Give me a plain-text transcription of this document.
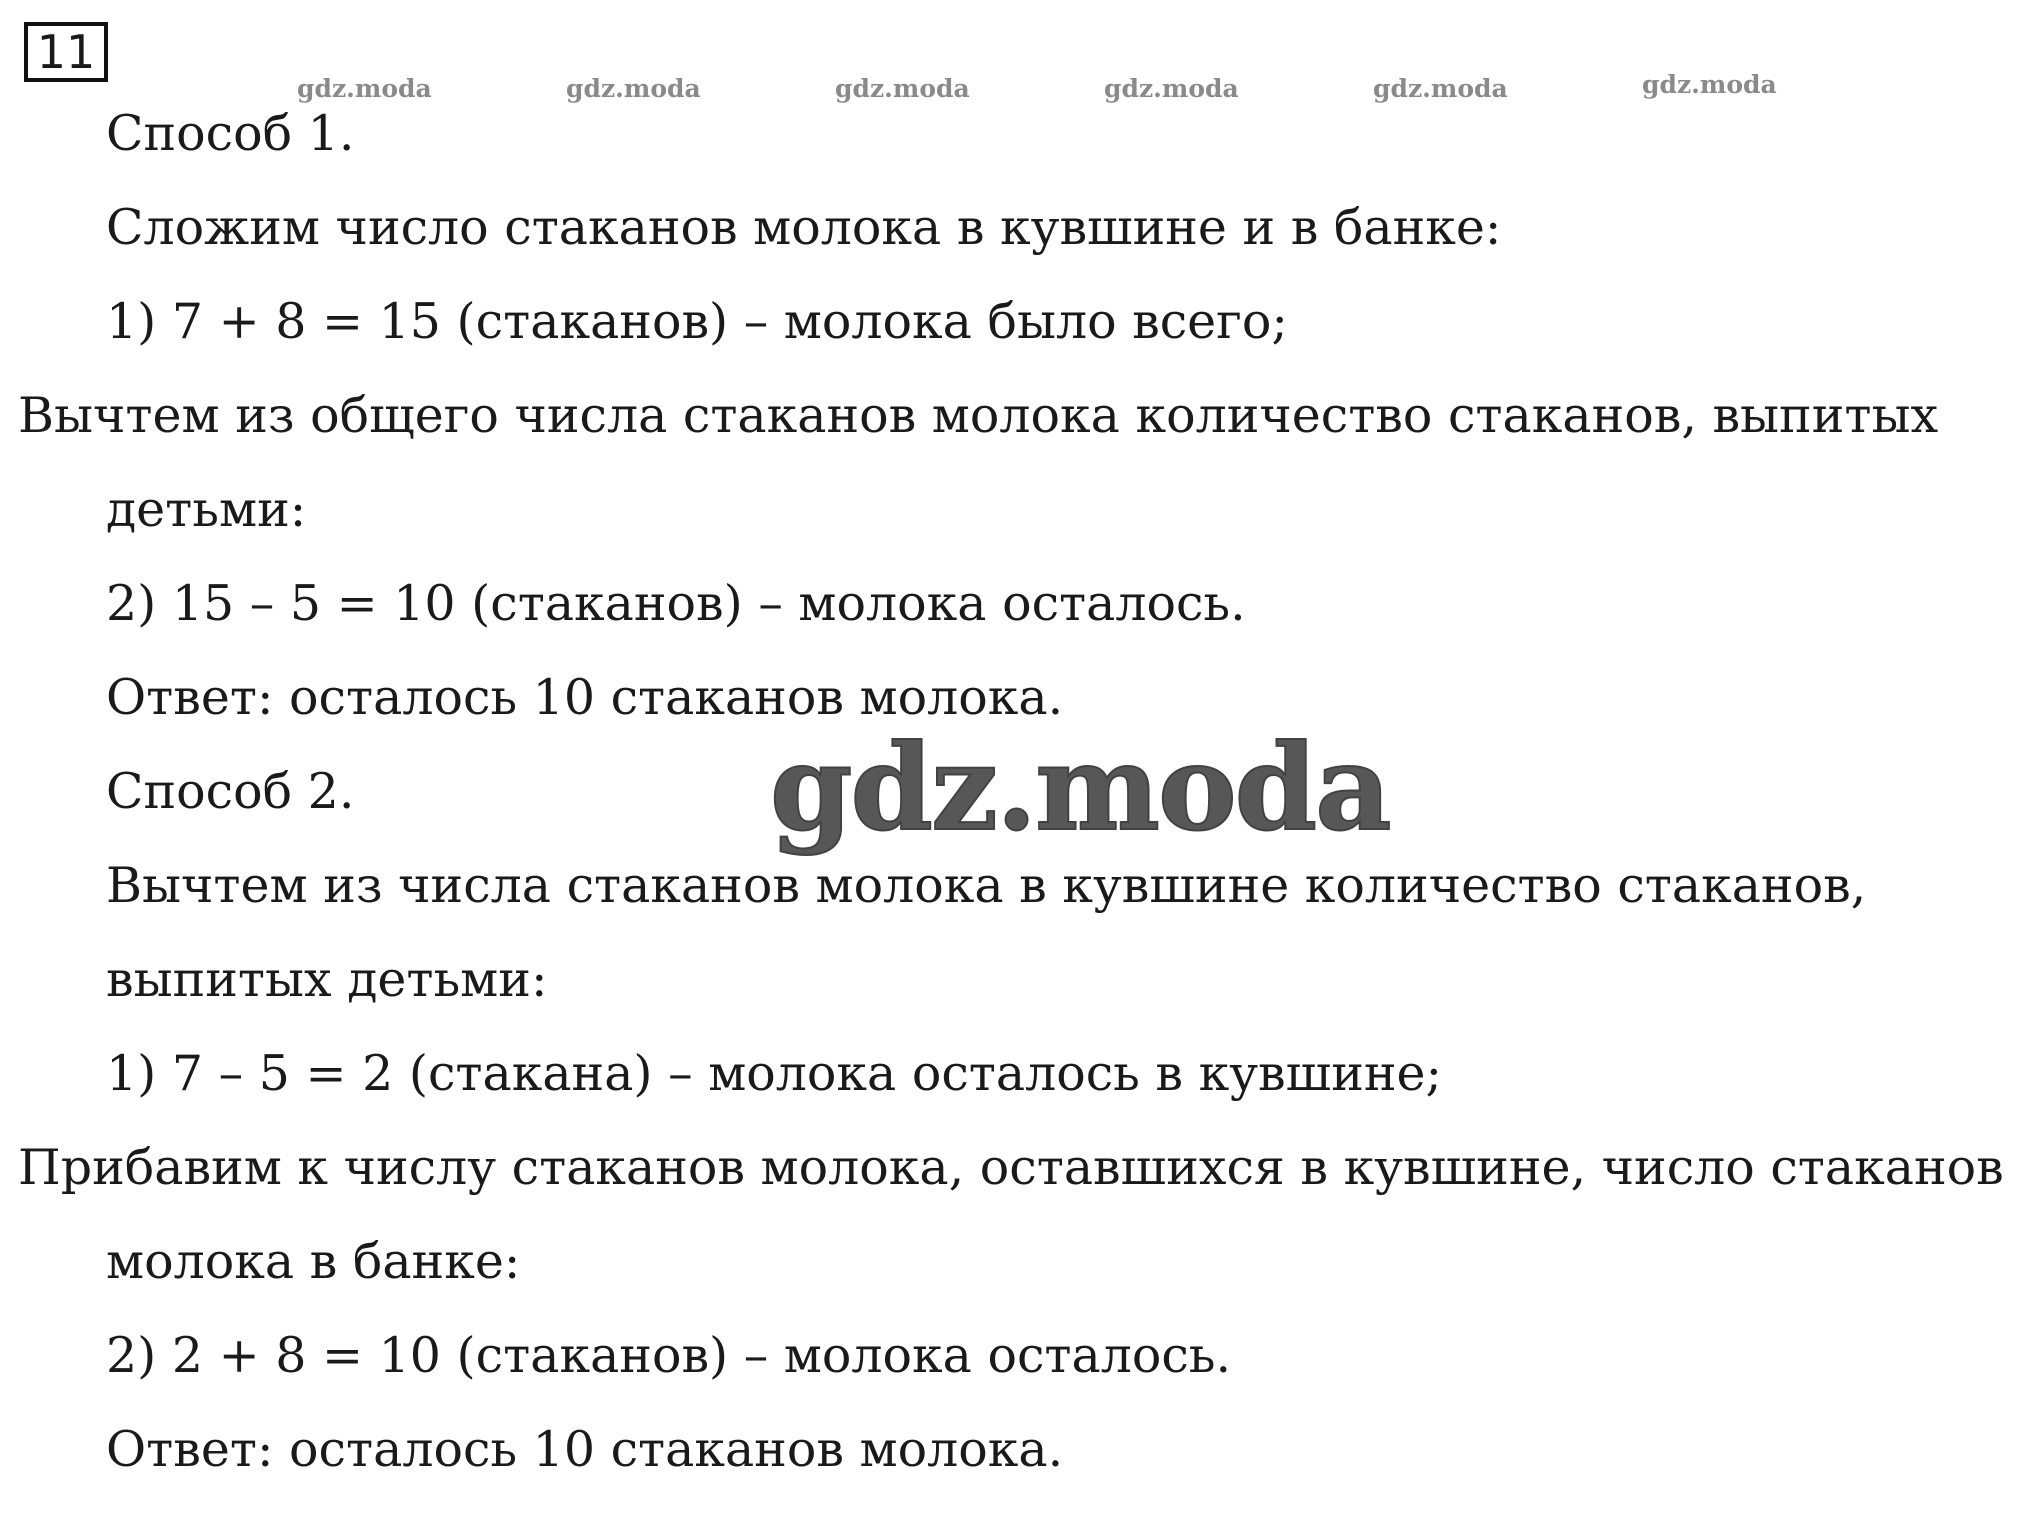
11
gdz.moda	gdz.moda	gdz.moda	gdz.moda	gdz.moda	gdz.moda
Способ 1.
Сложим число стаканов молока в кувшине и в банке:
1) 7 + 8 = 15 (стаканов) – молока было всего;
Вычтем из общего числа стаканов молока количество стаканов, выпитых
детьми:
2) 15 – 5 = 10 (стаканов) – молока осталось.
Ответ: осталось 10 стаканов молока.
Способ 2.
Вычтем из числа стаканов молока в кувшине количество стаканов,
выпитых детьми:
1) 7 – 5 = 2 (стакана) – молока осталось в кувшине;
Прибавим к числу стаканов молока, оставшихся в кувшине, число стаканов
молока в банке:
2) 2 + 8 = 10 (стаканов) – молока осталось.
Ответ: осталось 10 стаканов молока.
gdz.moda
